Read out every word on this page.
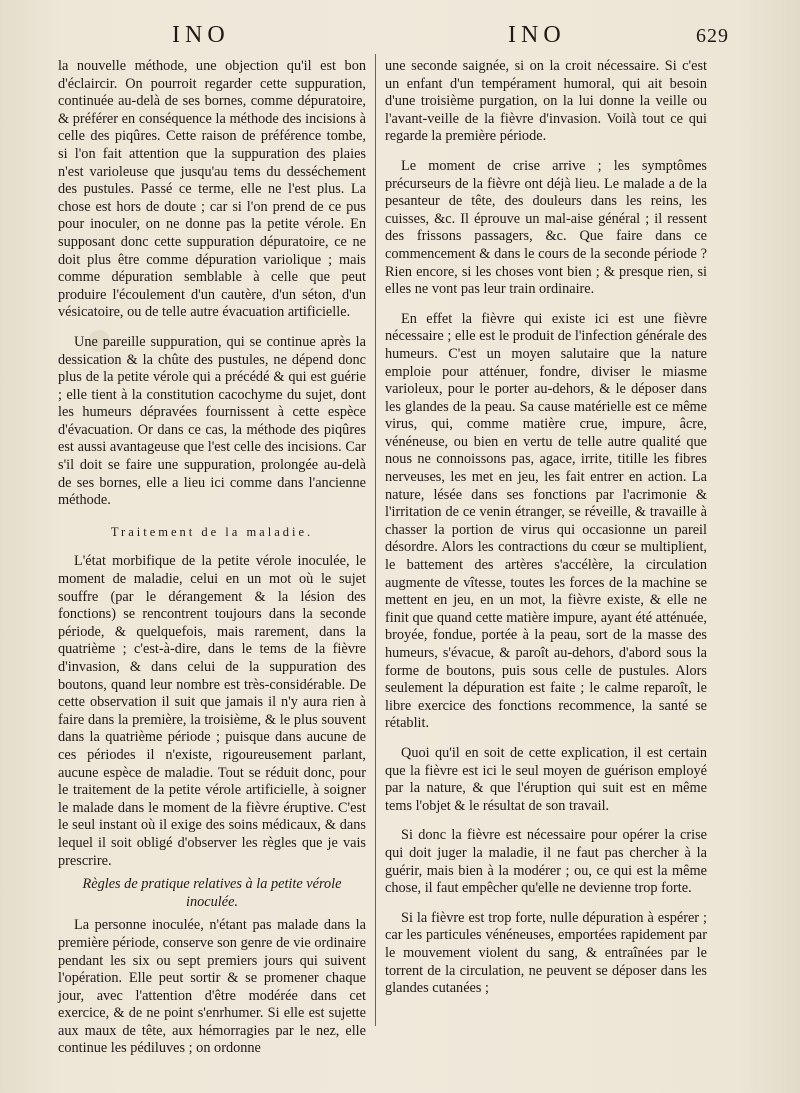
INO	INO	629

la nouvelle méthode, une objection qu'il est bon d'éclaircir. On pourroit regarder cette suppuration, continuée au-delà de ses bornes, comme dépuratoire, & préférer en conséquence la méthode des incisions à celle des piqûres. Cette raison de préférence tombe, si l'on fait attention que la suppuration des plaies n'est varioleuse que jusqu'au tems du desséchement des pustules. Passé ce terme, elle ne l'est plus. La chose est hors de doute ; car si l'on prend de ce pus pour inoculer, on ne donne pas la petite vérole. En supposant donc cette suppuration dépuratoire, ce ne doit plus être comme dépuration variolique ; mais comme dépuration semblable à celle que peut produire l'écoulement d'un cautère, d'un séton, d'un vésicatoire, ou de telle autre évacuation artificielle.

Une pareille suppuration, qui se continue après la dessication & la chûte des pustules, ne dépend donc plus de la petite vérole qui a précédé & qui est guérie ; elle tient à la constitution cacochyme du sujet, dont les humeurs dépravées fournissent à cette espèce d'évacuation. Or dans ce cas, la méthode des piqûres est aussi avantageuse que l'est celle des incisions. Car s'il doit se faire une suppuration, prolongée au-delà de ses bornes, elle a lieu ici comme dans l'ancienne méthode.

Traitement de la maladie.

L'état morbifique de la petite vérole inoculée, le moment de maladie, celui en un mot où le sujet souffre (par le dérangement & la lésion des fonctions) se rencontrent toujours dans la seconde période, & quelquefois, mais rarement, dans la quatrième ; c'est-à-dire, dans le tems de la fièvre d'invasion, & dans celui de la suppuration des boutons, quand leur nombre est très-considérable. De cette observation il suit que jamais il n'y aura rien à faire dans la première, la troisième, & le plus souvent dans la quatrième période ; puisque dans aucune de ces périodes il n'existe, rigoureusement parlant, aucune espèce de maladie. Tout se réduit donc, pour le traitement de la petite vérole artificielle, à soigner le malade dans le moment de la fièvre éruptive. C'est le seul instant où il exige des soins médicaux, & dans lequel il soit obligé d'observer les règles que je vais prescrire.

Règles de pratique relatives à la petite vérole inoculée.

La personne inoculée, n'étant pas malade dans la première période, conserve son genre de vie ordinaire pendant les six ou sept premiers jours qui suivent l'opération. Elle peut sortir & se promener chaque jour, avec l'attention d'être modérée dans cet exercice, & de ne point s'enrhumer. Si elle est sujette aux maux de tête, aux hémorragies par le nez, elle continue les pédiluves ; on ordonne

une seconde saignée, si on la croit nécessaire. Si c'est un enfant d'un tempérament humoral, qui ait besoin d'une troisième purgation, on la lui donne la veille ou l'avant-veille de la fièvre d'invasion. Voilà tout ce qui regarde la première période.

Le moment de crise arrive ; les symptômes précurseurs de la fièvre ont déjà lieu. Le malade a de la pesanteur de tête, des douleurs dans les reins, les cuisses, &c. Il éprouve un mal-aise général ; il ressent des frissons passagers, &c. Que faire dans ce commencement & dans le cours de la seconde période ? Rien encore, si les choses vont bien ; & presque rien, si elles ne vont pas leur train ordinaire.

En effet la fièvre qui existe ici est une fièvre nécessaire ; elle est le produit de l'infection générale des humeurs. C'est un moyen salutaire que la nature emploie pour atténuer, fondre, diviser le miasme varioleux, pour le porter au-dehors, & le déposer dans les glandes de la peau. Sa cause matérielle est ce même virus, qui, comme matière crue, impure, âcre, vénéneuse, ou bien en vertu de telle autre qualité que nous ne connoissons pas, agace, irrite, titille les fibres nerveuses, les met en jeu, les fait entrer en action. La nature, lésée dans ses fonctions par l'acrimonie & l'irritation de ce venin étranger, se réveille, & travaille à chasser la portion de virus qui occasionne un pareil désordre. Alors les contractions du cœur se multiplient, le battement des artères s'accélère, la circulation augmente de vîtesse, toutes les forces de la machine se mettent en jeu, en un mot, la fièvre existe, & elle ne finit que quand cette matière impure, ayant été atténuée, broyée, fondue, portée à la peau, sort de la masse des humeurs, s'évacue, & paroît au-dehors, d'abord sous la forme de boutons, puis sous celle de pustules. Alors seulement la dépuration est faite ; le calme reparoît, le libre exercice des fonctions recommence, la santé se rétablit.

Quoi qu'il en soit de cette explication, il est certain que la fièvre est ici le seul moyen de guérison employé par la nature, & que l'éruption qui suit est en même tems l'objet & le résultat de son travail.

Si donc la fièvre est nécessaire pour opérer la crise qui doit juger la maladie, il ne faut pas chercher à la guérir, mais bien à la modérer ; ou, ce qui est la même chose, il faut empêcher qu'elle ne devienne trop forte.

Si la fièvre est trop forte, nulle dépuration à espérer ; car les particules vénéneuses, emportées rapidement par le mouvement violent du sang, & entraînées par le torrent de la circulation, ne peuvent se déposer dans les glandes cutanées ;
